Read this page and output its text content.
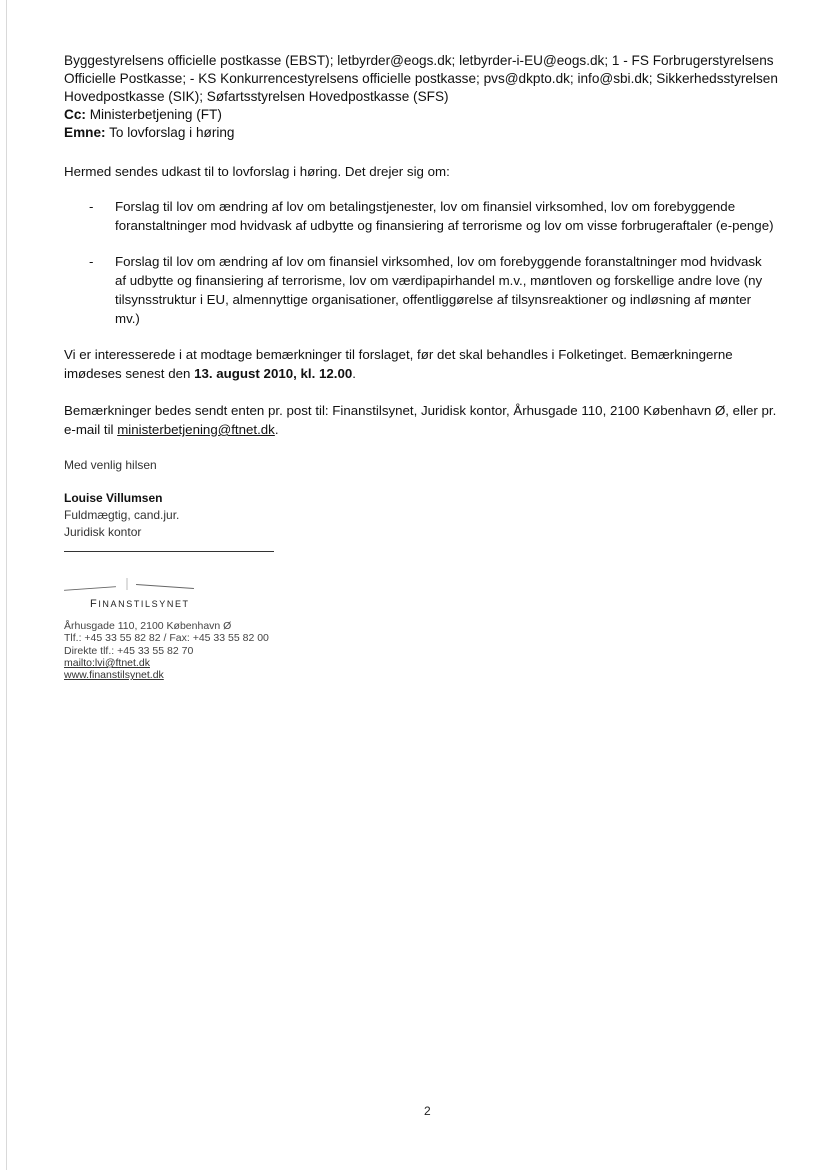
Byggestyrelsens officielle postkasse (EBST); letbyrder@eogs.dk; letbyrder-i-EU@eogs.dk; 1 - FS Forbrugerstyrelsens Officielle Postkasse; - KS Konkurrencestyrelsens officielle postkasse; pvs@dkpto.dk; info@sbi.dk; Sikkerhedsstyrelsen Hovedpostkasse (SIK); Søfartsstyrelsen Hovedpostkasse (SFS)
Cc: Ministerbetjening (FT)
Emne: To lovforslag i høring

Hermed sendes udkast til to lovforslag i høring. Det drejer sig om:

- Forslag til lov om ændring af lov om betalingstjenester, lov om finansiel virksomhed, lov om forebyggende foranstaltninger mod hvidvask af udbytte og finansiering af terrorisme og lov om visse forbrugeraftaler (e-penge)
- Forslag til lov om ændring af lov om finansiel virksomhed, lov om forebyggende foranstaltninger mod hvidvask af udbytte og finansiering af terrorisme, lov om værdipapirhandel m.v., møntloven og forskellige andre love (ny tilsynsstruktur i EU, almennyttige organisationer, offentliggørelse af tilsynsreaktioner og indløsning af mønter mv.)

Vi er interesserede i at modtage bemærkninger til forslaget, før det skal behandles i Folketinget. Bemærkningerne imødeses senest den 13. august 2010, kl. 12.00.

Bemærkninger bedes sendt enten pr. post til: Finanstilsynet, Juridisk kontor, Århusgade 110, 2100 København Ø, eller pr. e-mail til ministerbetjening@ftnet.dk.

Med venlig hilsen
Louise Villumsen
Fuldmægtig, cand.jur.
Juridisk kontor
FINANSTILSYNET
Århusgade 110, 2100 København Ø
Tlf.: +45 33 55 82 82 / Fax: +45 33 55 82 00
Direkte tlf.: +45 33 55 82 70
mailto:lvi@ftnet.dk
www.finanstilsynet.dk
2
